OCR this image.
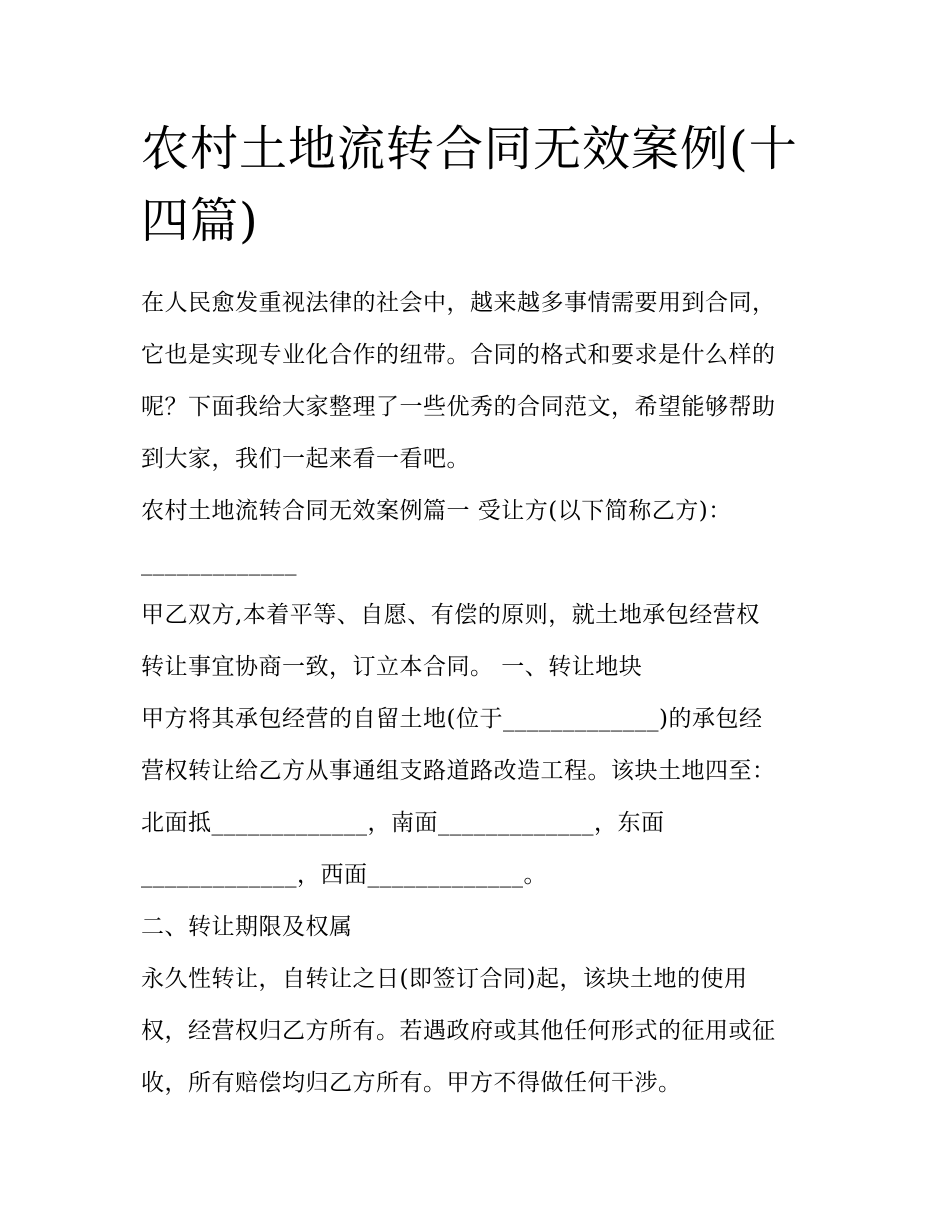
农村土地流转合同无效案例(十
四篇)
在人民愈发重视法律的社会中，越来越多事情需要用到合同，
它也是实现专业化合作的纽带。合同的格式和要求是什么样的
呢？下面我给大家整理了一些优秀的合同范文，希望能够帮助
到大家，我们一起来看一看吧。
农村土地流转合同无效案例篇一 受让方(以下简称乙方)：
_____________
甲乙双方,本着平等、自愿、有偿的原则，就土地承包经营权
转让事宜协商一致，订立本合同。 一、转让地块
甲方将其承包经营的自留土地(位于_____________)的承包经
营权转让给乙方从事通组支路道路改造工程。该块土地四至：
北面抵_____________，南面_____________，东面
_____________，西面_____________。
二、转让期限及权属
永久性转让，自转让之日(即签订合同)起，该块土地的使用
权，经营权归乙方所有。若遇政府或其他任何形式的征用或征
收，所有赔偿均归乙方所有。甲方不得做任何干涉。
